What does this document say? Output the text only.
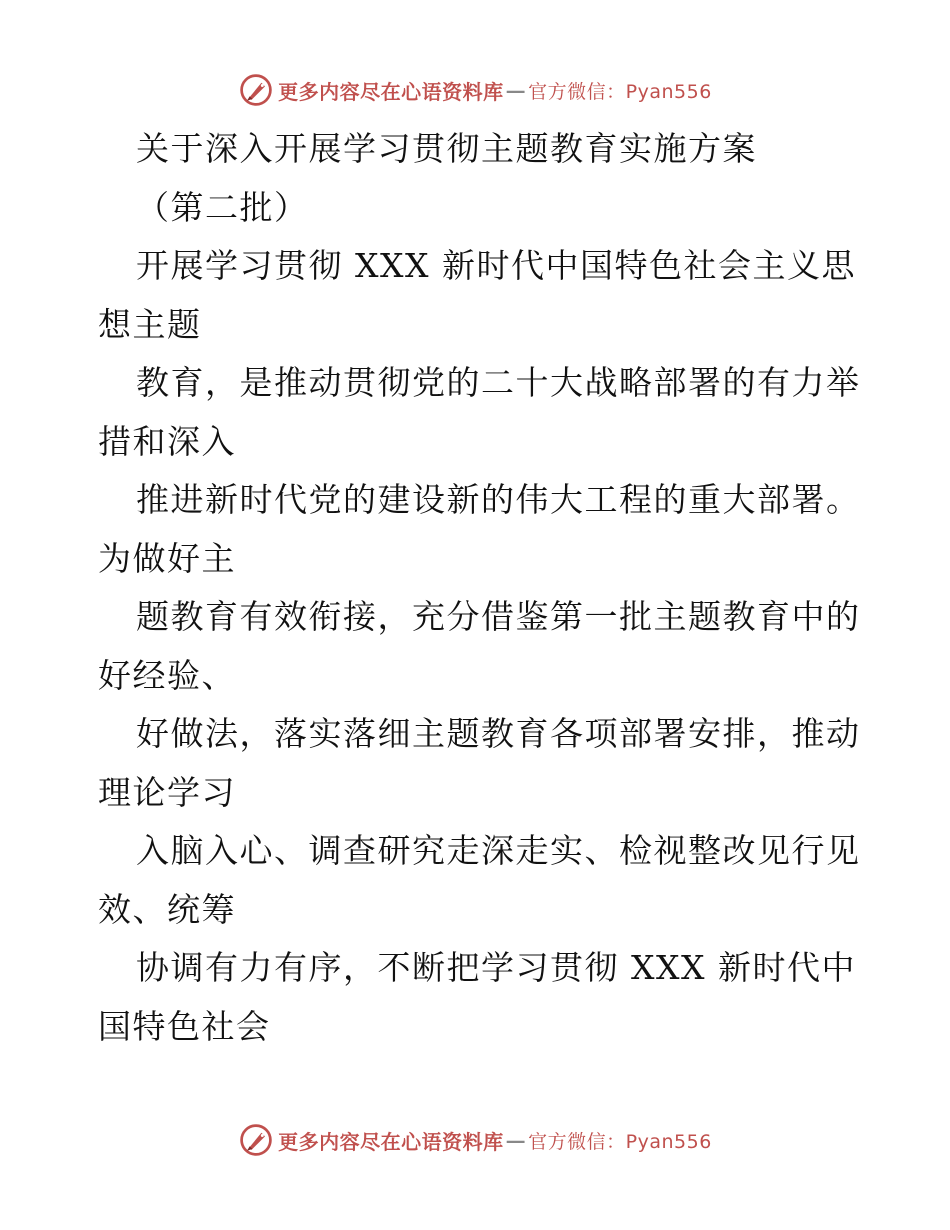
更多内容尽在心语资料库 — 官方微信：Pyan556
关于深入开展学习贯彻主题教育实施方案
（第二批）
开展学习贯彻 XXX 新时代中国特色社会主义思
想主题
教育，是推动贯彻党的二十大战略部署的有力举
措和深入
推进新时代党的建设新的伟大工程的重大部署。
为做好主
题教育有效衔接，充分借鉴第一批主题教育中的
好经验、
好做法，落实落细主题教育各项部署安排，推动
理论学习
入脑入心、调查研究走深走实、检视整改见行见
效、统筹
协调有力有序，不断把学习贯彻 XXX 新时代中
国特色社会
更多内容尽在心语资料库 — 官方微信：Pyan556
